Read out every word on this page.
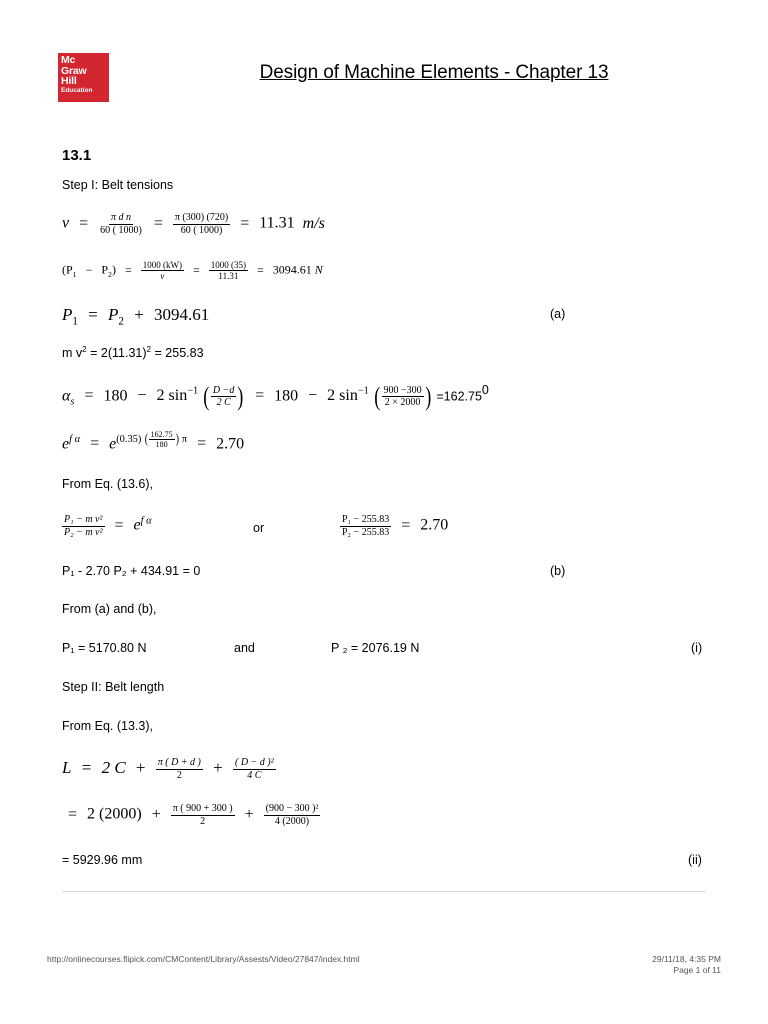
Mc
Graw
Hill
Education
Design of Machine Elements - Chapter 13
13.1
Step I: Belt tensions
$v = \frac{\text{π d n}}{60 ( 1000)} = \frac{\pi (300) (720)}{60 ( 1000)} = 11.31$ m/s
$(P_1 - P_2) = \frac{1000 (kW)}{v} = \frac{1000 (35)}{11.31} = 3094.61$ N
$P_1 = P_2 + 3094.61$	(a)
m $v^2 = 2(11.31)^2 = 255.83$
$\alpha_s = 180 - 2$ $\sin^{-1}$ ( $\frac{D -d}{2 C}$ ) = 180 − 2 $\sin^{-1}$ ( $\frac{900 -300}{2 \times 2000}$ ) $=162.75^0$
$e^{f \alpha} = e^{(0.35) ( \frac{162.75}{180} ) \pi} = 2.70$
From Eq. (13.6),
$\frac{\text{P₁ − m v²}}{\text{P₂ − m v²}} = e^{f \alpha}$
or	$\frac{\text{P₁ − 255.83}}{\text{P₂ − 255.83}} = 2.70$
P₁ - 2.70 P₂ + 434.91 = 0	(b)
From (a) and (b),
P₁ = 5170.80 N	and	P ₂ = 2076.19 N	(i)
Step II: Belt length
From Eq. (13.3),
L = 2 $C + \frac{\pi ( D + d )}{2} + \frac{\text{( D − d )²}}{4 C}$
= 2 $(2000) + \frac{\pi ( 900 + 300 )}{2} + \frac{\text{(900 − 300 )²}}{4 (2000)}$
= 5929.96 mm	(ii)
http://onlinecourses.flipick.com/CMContent/Library/Assests/Video/27847/index.html	29/11/18, 4:35 PM
Page 1 of 11
